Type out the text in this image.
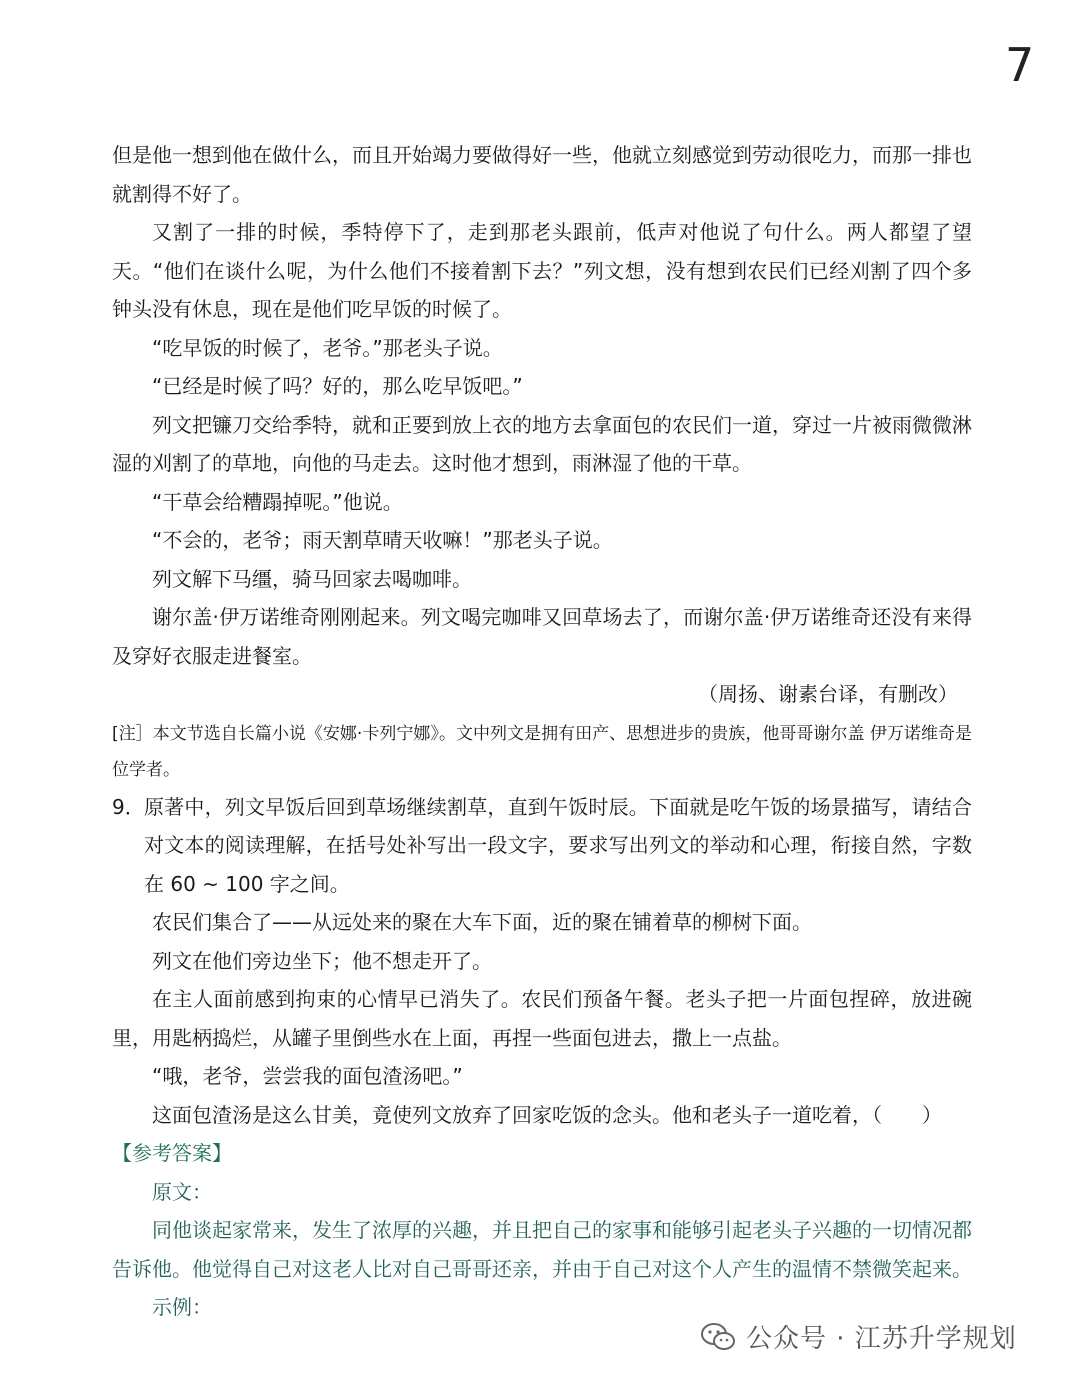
7

但是他一想到他在做什么，而且开始竭力要做得好一些，他就立刻感觉到劳动很吃力，而那一排也就割得不好了。

又割了一排的时候，季特停下了，走到那老头跟前，低声对他说了句什么。两人都望了望天。“他们在谈什么呢，为什么他们不接着割下去？”列文想，没有想到农民们已经刈割了四个多钟头没有休息，现在是他们吃早饭的时候了。

“吃早饭的时候了，老爷。”那老头子说。

“已经是时候了吗？好的，那么吃早饭吧。”

列文把镰刀交给季特，就和正要到放上衣的地方去拿面包的农民们一道，穿过一片被雨微微淋湿的刈割了的草地，向他的马走去。这时他才想到，雨淋湿了他的干草。

“干草会给糟蹋掉呢。”他说。

“不会的，老爷；雨天割草晴天收嘛！”那老头子说。

列文解下马缰，骑马回家去喝咖啡。

谢尔盖·伊万诺维奇刚刚起来。列文喝完咖啡又回草场去了，而谢尔盖·伊万诺维奇还没有来得及穿好衣服走进餐室。

（周扬、谢素台译，有删改）

[注］本文节选自长篇小说《安娜·卡列宁娜》。文中列文是拥有田产、思想进步的贵族，他哥哥谢尔盖 伊万诺维奇是位学者。

9． 原著中，列文早饭后回到草场继续割草，直到午饭时辰。下面就是吃午饭的场景描写，请结合对文本的阅读理解，在括号处补写出一段文字，要求写出列文的举动和心理，衔接自然，字数在 60 ~ 100 字之间。

农民们集合了——从远处来的聚在大车下面，近的聚在铺着草的柳树下面。

列文在他们旁边坐下；他不想走开了。

在主人面前感到拘束的心情早已消失了。农民们预备午餐。老头子把一片面包捏碎，放进碗里，用匙柄捣烂，从罐子里倒些水在上面，再捏一些面包进去，撒上一点盐。

“哦，老爷，尝尝我的面包渣汤吧。”

这面包渣汤是这么甘美，竟使列文放弃了回家吃饭的念头。他和老头子一道吃着，（　　）

【参考答案】

原文：

同他谈起家常来，发生了浓厚的兴趣，并且把自己的家事和能够引起老头子兴趣的一切情况都告诉他。他觉得自己对这老人比对自己哥哥还亲，并由于自己对这个人产生的温情不禁微笑起来。

示例：

公众号 · 江苏升学规划
